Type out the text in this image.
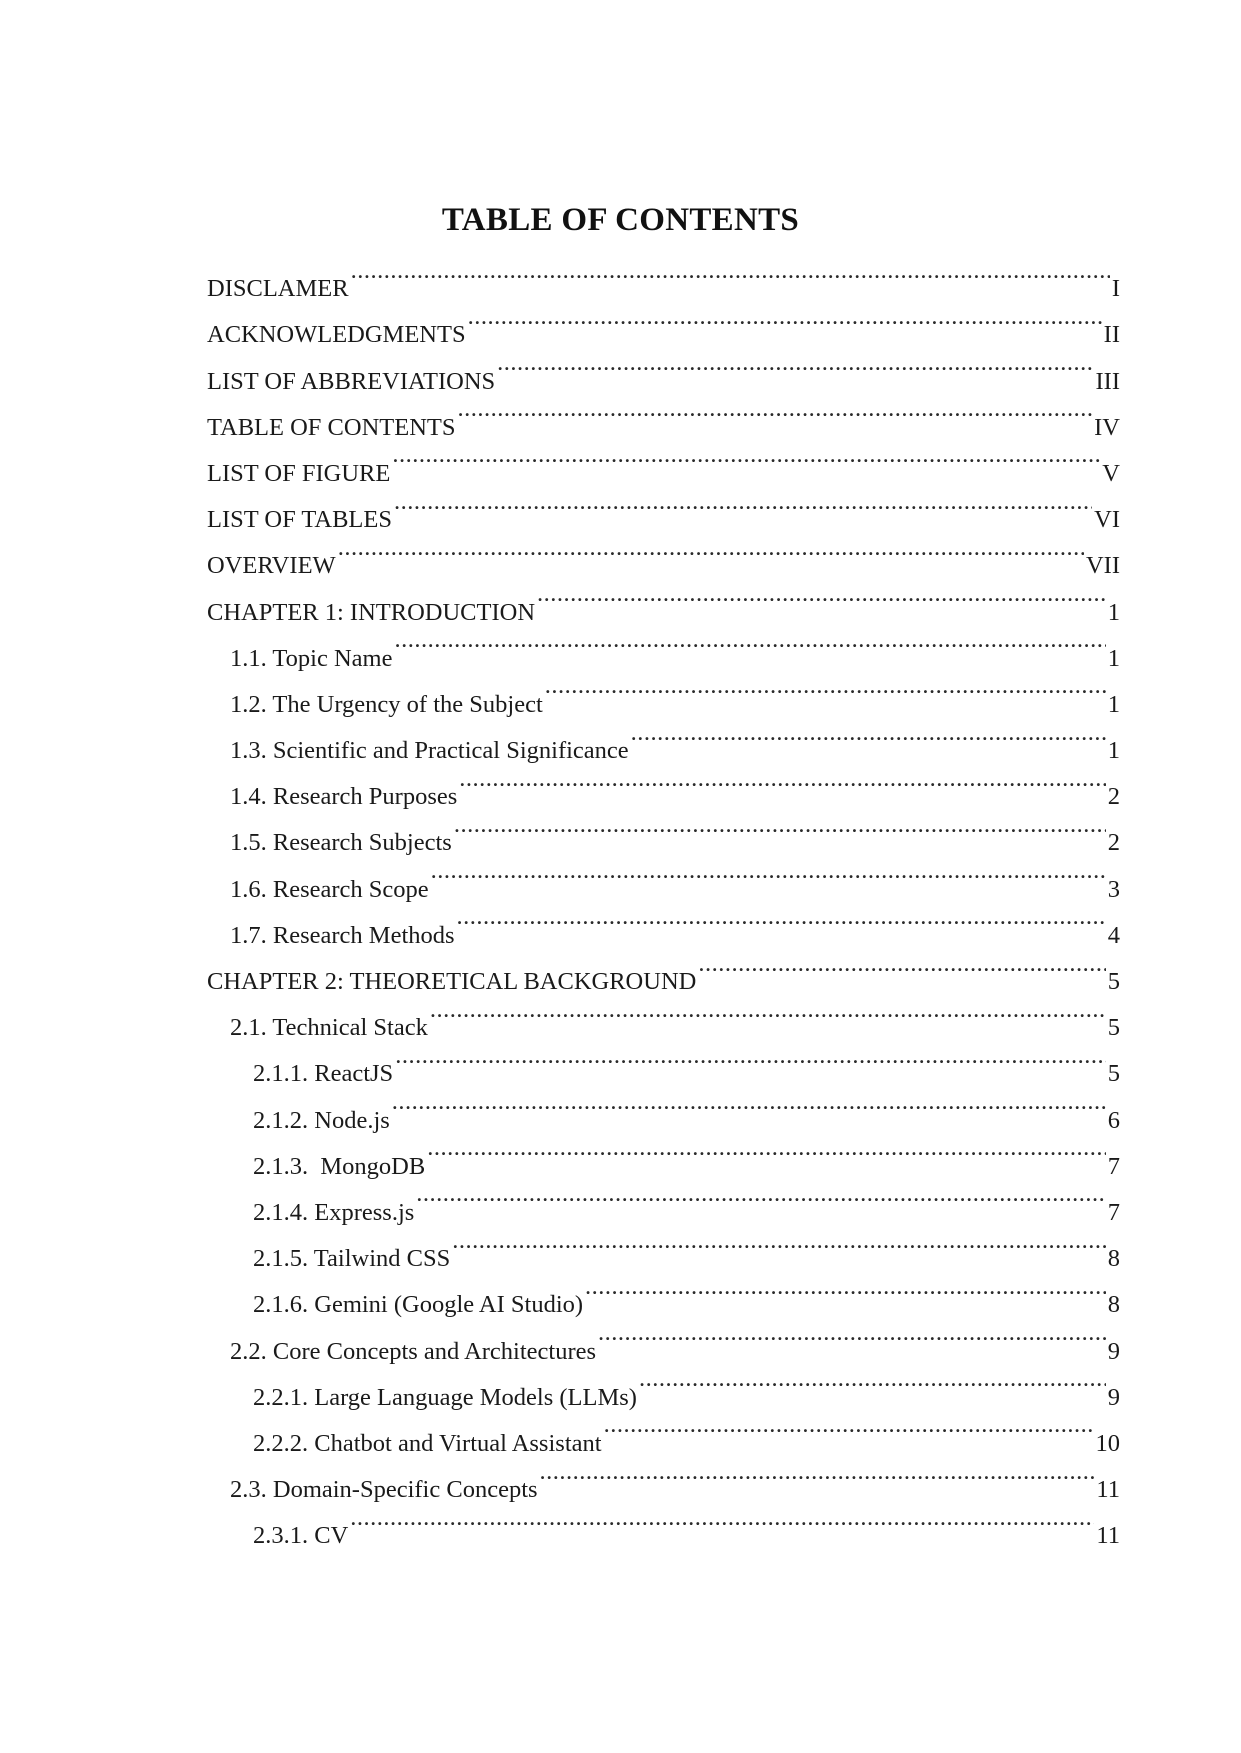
TABLE OF CONTENTS
DISCLAMER .....	I
ACKNOWLEDGMENTS .....	II
LIST OF ABBREVIATIONS .....	III
TABLE OF CONTENTS .....	IV
LIST OF FIGURE .....	V
LIST OF TABLES .....	VI
OVERVIEW .....	VII
CHAPTER 1: INTRODUCTION .....	1
1.1. Topic Name .....	1
1.2. The Urgency of the Subject .....	1
1.3. Scientific and Practical Significance .....	1
1.4. Research Purposes .....	2
1.5. Research Subjects .....	2
1.6. Research Scope .....	3
1.7. Research Methods .....	4
CHAPTER 2: THEORETICAL BACKGROUND .....	5
2.1. Technical Stack .....	5
2.1.1. ReactJS .....	5
2.1.2. Node.js .....	6
2.1.3.  MongoDB .....	7
2.1.4. Express.js .....	7
2.1.5. Tailwind CSS .....	8
2.1.6. Gemini (Google AI Studio) .....	8
2.2. Core Concepts and Architectures .....	9
2.2.1. Large Language Models (LLMs) .....	9
2.2.2. Chatbot and Virtual Assistant .....	10
2.3. Domain-Specific Concepts .....	11
2.3.1. CV .....	11
